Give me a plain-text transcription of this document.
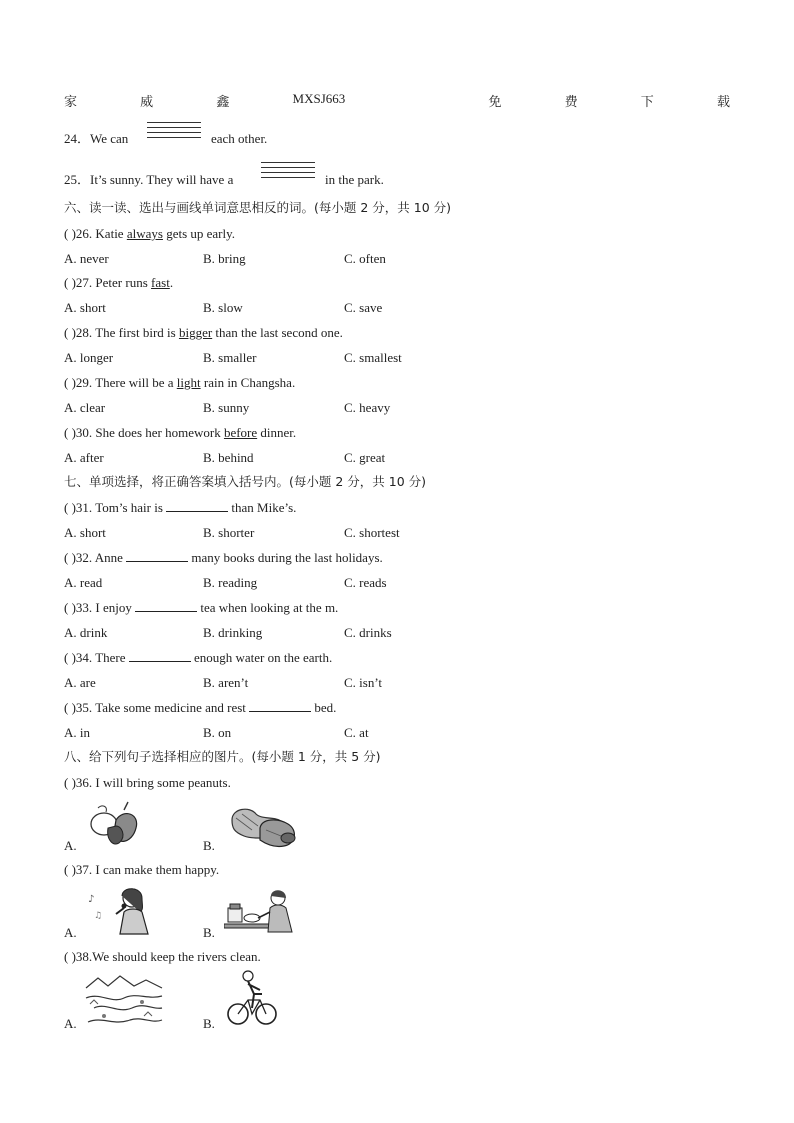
家	威	鑫	MXSJ663	免	费	下	载
24．We can	each other.
25．It’s sunny. They will have a	in the park.
六、读一读、选出与画线单词意思相反的词。(每小题 2 分，共 10 分)
( )26. Katie always gets up early.
A. never	B. bring	C. often
( )27. Peter runs fast.
A. short	B. slow	C. save
( )28. The first bird is bigger than the last second one.
A. longer	B. smaller	C. smallest
( )29. There will be a light rain in Changsha.
A. clear	B. sunny	C. heavy
( )30. She does her homework before dinner.
A. after	B. behind	C. great
七、单项选择，将正确答案填入括号内。(每小题 2 分，共 10 分)
( )31. Tom’s hair is	than Mike’s.
A. short	B. shorter	C. shortest
( )32. Anne	many books during the last holidays.
A. read	B. reading	C. reads
( )33. I enjoy	tea when looking at the m.
A. drink	B. drinking	C. drinks
( )34. There	enough water on the earth.
A. are	B. aren’t	C. isn’t
( )35. Take some medicine and rest	bed.
A. in	B. on	C. at
八、给下列句子选择相应的图片。(每小题 1 分，共 5 分)
( )36. I will bring some peanuts.
A.	B.
( )37. I can make them happy.
A.
♪
♫
B.
( )38.We should keep the rivers clean.
A.	B.
